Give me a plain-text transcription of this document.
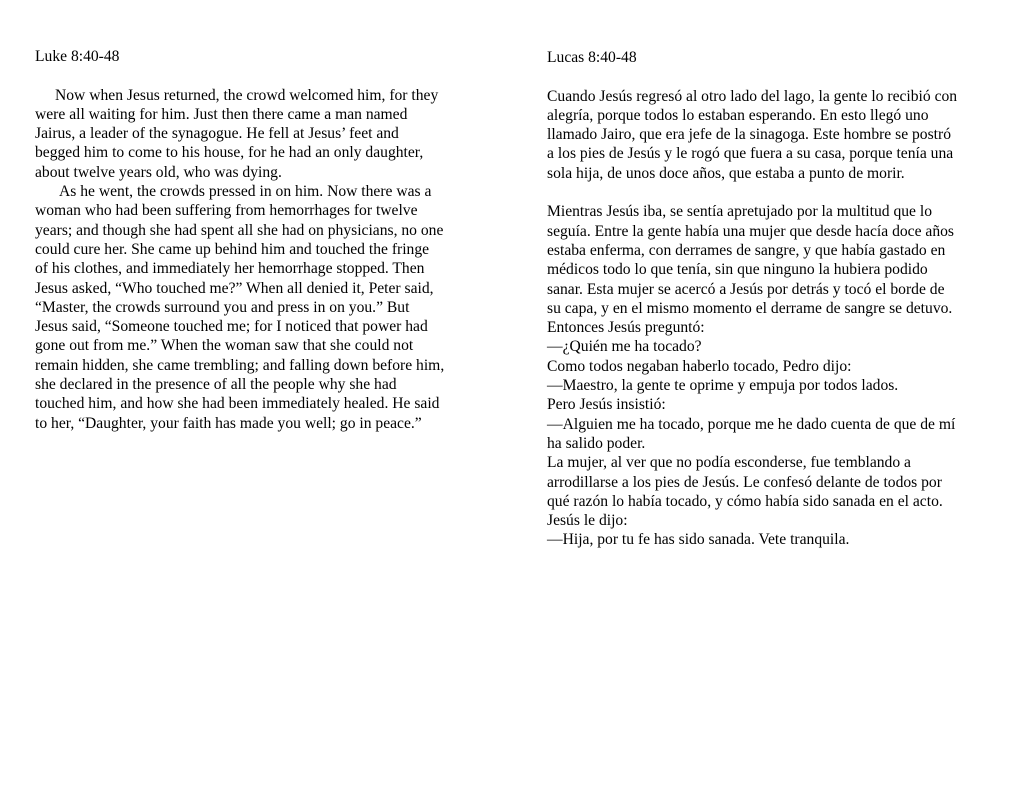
Luke 8:40-48

Now when Jesus returned, the crowd welcomed him, for they
were all waiting for him. Just then there came a man named
Jairus, a leader of the synagogue. He fell at Jesus’ feet and
begged him to come to his house, for he had an only daughter,
about twelve years old, who was dying.

As he went, the crowds pressed in on him. Now there was a
woman who had been suffering from hemorrhages for twelve
years; and though she had spent all she had on physicians, no one
could cure her. She came up behind him and touched the fringe
of his clothes, and immediately her hemorrhage stopped. Then
Jesus asked, “Who touched me?” When all denied it, Peter said,
“Master, the crowds surround you and press in on you.” But
Jesus said, “Someone touched me; for I noticed that power had
gone out from me.” When the woman saw that she could not
remain hidden, she came trembling; and falling down before him,
she declared in the presence of all the people why she had
touched him, and how she had been immediately healed. He said
to her, “Daughter, your faith has made you well; go in peace.”

Lucas 8:40-48

Cuando Jesús regresó al otro lado del lago, la gente lo recibió con
alegría, porque todos lo estaban esperando. En esto llegó uno
llamado Jairo, que era jefe de la sinagoga. Este hombre se postró
a los pies de Jesús y le rogó que fuera a su casa, porque tenía una
sola hija, de unos doce años, que estaba a punto de morir.

Mientras Jesús iba, se sentía apretujado por la multitud que lo
seguía. Entre la gente había una mujer que desde hacía doce años
estaba enferma, con derrames de sangre, y que había gastado en
médicos todo lo que tenía, sin que ninguno la hubiera podido
sanar. Esta mujer se acercó a Jesús por detrás y tocó el borde de
su capa, y en el mismo momento el derrame de sangre se detuvo.
Entonces Jesús preguntó:
—¿Quién me ha tocado?
Como todos negaban haberlo tocado, Pedro dijo:
—Maestro, la gente te oprime y empuja por todos lados.
Pero Jesús insistió:
—Alguien me ha tocado, porque me he dado cuenta de que de mí
ha salido poder.
La mujer, al ver que no podía esconderse, fue temblando a
arrodillarse a los pies de Jesús. Le confesó delante de todos por
qué razón lo había tocado, y cómo había sido sanada en el acto.
Jesús le dijo:
—Hija, por tu fe has sido sanada. Vete tranquila.
